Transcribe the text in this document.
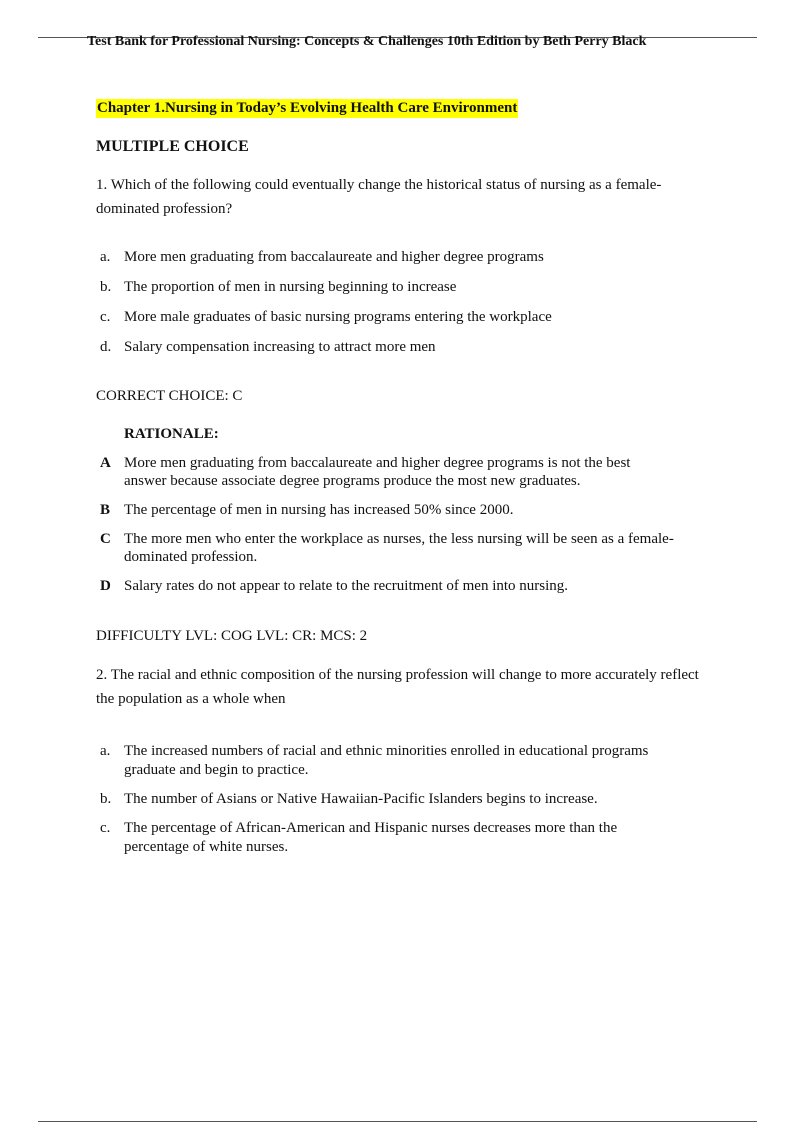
Test Bank for Professional Nursing: Concepts & Challenges 10th Edition by Beth Perry Black
Chapter 1.Nursing in Today’s Evolving Health Care Environment
MULTIPLE CHOICE
1. Which of the following could eventually change the historical status of nursing as a female-dominated profession?
a. More men graduating from baccalaureate and higher degree programs
b. The proportion of men in nursing beginning to increase
c. More male graduates of basic nursing programs entering the workplace
d. Salary compensation increasing to attract more men
CORRECT CHOICE: C
RATIONALE:
A More men graduating from baccalaureate and higher degree programs is not the best answer because associate degree programs produce the most new graduates.
B The percentage of men in nursing has increased 50% since 2000.
C The more men who enter the workplace as nurses, the less nursing will be seen as a female-dominated profession.
D Salary rates do not appear to relate to the recruitment of men into nursing.
DIFFICULTY LVL: COG LVL: CR: MCS: 2
2. The racial and ethnic composition of the nursing profession will change to more accurately reflect the population as a whole when
a. The increased numbers of racial and ethnic minorities enrolled in educational programs graduate and begin to practice.
b. The number of Asians or Native Hawaiian-Pacific Islanders begins to increase.
c. The percentage of African-American and Hispanic nurses decreases more than the percentage of white nurses.
